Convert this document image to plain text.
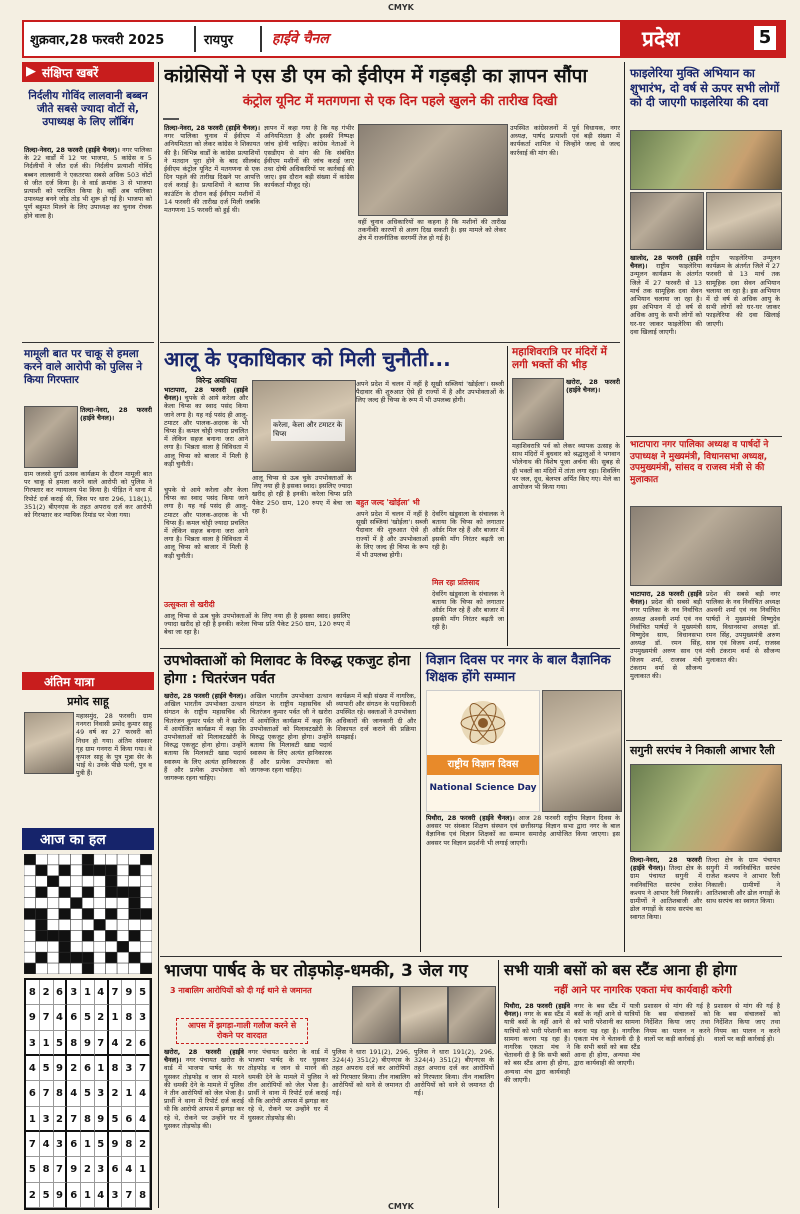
CMYK
शुक्रवार,28 फरवरी 2025	रायपुर	हाईवे चैनल	प्रदेश	5
▶ संक्षिप्त खबरें
निर्दलीय गोविंद लालवानी बब्बन जीते सबसे ज्यादा वोटों से, उपाध्यक्ष के लिए लॉबिंग
तिल्दा-नेवरा, 28 फरवरी (हाईवे चैनल)। नगर पालिका के 22 वार्डों में 12 पर भाजपा, 5 कांग्रेस व 5 निर्दलीयों ने जीत दर्ज की। निर्दलीय प्रत्याशी गोविंद बब्बन लालवानी ने एकतरफा सबसे अधिक 503 वोटों से जीत दर्ज किया है। वे वार्ड क्रमांक 3 से भाजपा प्रत्याशी को पराजित किया है। वहीं अब पालिका उपाध्यक्ष बनने जोड़ तोड़ भी शुरू हो गई है। भाजपा को पूर्ण बहुमत मिलने के लिए उपाध्यक्ष का चुनाव रोचक होने वाला है।
मामूली बात पर चाकू से हमला करने वाले आरोपी को पुलिस ने किया गिरफ्तार
तिल्दा-नेवरा, 28 फरवरी (हाईवे चैनल)।
ग्राम जलसो दुर्गा उत्सव कार्यक्रम के दौरान मामूली बात पर चाकू से हमला करने वाले आरोपी को पुलिस ने गिरफ्तार कर न्यायालय पेश किया है। पीड़ित ने थाना में रिपोर्ट दर्ज कराई थी, जिस पर धारा 296, 118(1), 351(2) बीएनएस के तहत अपराध दर्ज कर आरोपी को गिरफ्तार कर न्यायिक रिमांड पर भेजा गया।
अंतिम यात्रा
प्रमोद साहू
महासमुंद, 28 फरवरी। ग्राम गनगरा निवासी प्रमोद कुमार साहू 49 वर्ष का 27 फरवरी को निधन हो गया। अंतिम संस्कार गृह ग्राम गनगरा में किया गया। वे कृपाल साहू के पुत्र मुन्ना सेर के भाई थे। उनके पीछे पत्नी, पुत्र व पुत्री हैं।
आज का हल
8 2 6 3 1 4 7 9 5
9 7 4 6 5 2 1 8 3
3 1 5 8 9 7 4 2 6
4 5 9 2 6 1 8 3 7
6 7 8 4 5 3 2 1 4
1 3 2 7 8 9 5 6 4
7 4 3 6 1 5 9 8 2
5 8 7 9 2 3 6 4 1
2 5 9 6 1 4 3 7 8
कांग्रेसियों ने एस डी एम को ईवीएम में गड़बड़ी का ज्ञापन सौंपा
कंट्रोल यूनिट में मतगणना से एक दिन पहले खुलने की तारीख दिखी
तिल्दा-नेवरा, 28 फरवरी (हाईवे चैनल)। नगर पालिका चुनाव में ईवीएम में अनियमितता को लेकर कांग्रेस ने शिकायत की है। विभिन्न वार्डों के कांग्रेस प्रत्याशियों ने मतदान पूरा होने के बाद सीलबंद ईवीएम कंट्रोल यूनिट में मतगणना से एक दिन पहले की तारीख दिखने पर आपत्ति दर्ज कराई है। प्रत्याशियों ने बताया कि काउंटिंग के दौरान कई ईवीएम मशीनों में 14 फरवरी की तारीख दर्ज मिली जबकि मतगणना 15 फरवरी को हुई थी।
ज्ञापन में कहा गया है कि यह गंभीर अनियमितता है और इसकी निष्पक्ष जांच होनी चाहिए। कांग्रेस नेताओं ने एसडीएम से मांग की कि संबंधित ईवीएम मशीनों की जांच कराई जाए तथा दोषी अधिकारियों पर कार्रवाई की जाए। इस दौरान बड़ी संख्या में कांग्रेस कार्यकर्ता मौजूद रहे।
वहीं चुनाव अधिकारियों का कहना है कि मशीनों की तारीख तकनीकी कारणों से अलग दिख सकती है। इस मामले को लेकर क्षेत्र में राजनीतिक सरगर्मी तेज हो गई है।
उपस्थित कांग्रेसजनों में पूर्व विधायक, नगर अध्यक्ष, पार्षद प्रत्याशी एवं बड़ी संख्या में कार्यकर्ता शामिल थे जिन्होंने जल्द से जल्द कार्रवाई की मांग की।
आलू के एकाधिकार को मिली चुनौती...
विरेन्द्र अवधिया
भाटापारा, 28 फरवरी (हाईवे चैनल)। चुपके से आये करेला और केला चिप्स का स्वाद पसंद किया जाने लगा है। यह नई पसंद ही आलू-टमाटर और पालक-अदरक के भी चिप्स हैं। कमल चोट्टी ज्यादा प्रचलित में लेकिन सहज बनाना जरा आने लगा है। भिन्नता वाला है विविधता में आलू चिप्स को बाजार में मिली है कड़ी चुनौती।
करेला, केला और टमाटर के चिप्स
चुपके से आये करेला और केला चिप्स का स्वाद पसंद किया जाने लगा है। यह नई पसंद ही आलू-टमाटर और पालक-अदरक के भी चिप्स हैं। कमल चोट्टी ज्यादा प्रचलित में लेकिन सहज बनाना जरा आने लगा है। भिन्नता वाला है विविधता में आलू चिप्स को बाजार में मिली है कड़ी चुनौती।
उत्सुकता से खरीदी
आलू चिप्स से ऊब चुके उपभोक्ताओं के लिए नया ही है इसका स्वाद। इसलिए ज्यादा खरीद हो रही है इनकी। करेला चिप्स प्रति पैकेट 250 ग्राम, 120 रुपए में बेचा जा रहा है।
आलू चिप्स से ऊब चुके उपभोक्ताओं के लिए नया ही है इसका स्वाद। इसलिए ज्यादा खरीद हो रही है इनकी। करेला चिप्स प्रति पैकेट 250 ग्राम, 120 रुपए में बेचा जा रहा है।
अपने प्रदेश में चलन में नहीं है सूखी सब्जियां 'खोईला'। सब्जी पैदावार की शुरुआत ऐसे ही राज्यों में है और उपभोक्ताओं के लिए जल्द ही चिप्स के रूप में भी उपलब्ध होगी।
बहुत जल्द 'खोईला' भी
अपने प्रदेश में चलन में नहीं है सूखी सब्जियां 'खोईला'। सब्जी पैदावार की शुरुआत ऐसे ही राज्यों में है और उपभोक्ताओं के लिए जल्द ही चिप्स के रूप में भी उपलब्ध होगी।
देवरिंग खंडूवाला के संचालक ने बताया कि चिप्स को लगातार ऑर्डर मिल रहे हैं और बाजार में इसकी माँग निरंतर बढ़ती जा रही है।
मिल रहा प्रतिसाद
देवरिंग खंडूवाला के संचालक ने बताया कि चिप्स को लगातार ऑर्डर मिल रहे हैं और बाजार में इसकी माँग निरंतर बढ़ती जा रही है।
महाशिवरात्रि पर मंदिरों में लगी भक्तों की भीड़
खरोरा, 28 फरवरी (हाईवे चैनल)।
महाशिवरात्रि पर्व को लेकर व्यापक उत्साह के साथ मंदिरों में बुधवार को श्रद्धालुओं ने भगवान भोलेनाथ की विशेष पूजा अर्चना की। सुबह से ही भक्तों का मंदिरों में तांता लगा रहा। शिवलिंग पर जल, दूध, बेलपत्र अर्पित किए गए। मेले का आयोजन भी किया गया।
उपभोक्ताओं को मिलावट के विरुद्ध एकजुट होना होगा : चितरंजन पर्वत
खरोरा, 28 फरवरी (हाईवे चैनल)। अखिल भारतीय उपभोक्ता उत्थान संगठन के राष्ट्रीय महासचिव श्री चितरंजन कुमार पर्वत जी ने खरोरा में आयोजित कार्यक्रम में कहा कि उपभोक्ताओं को मिलावटखोरी के विरुद्ध एकजुट होना होगा। उन्होंने बताया कि मिलावटी खाद्य पदार्थ स्वास्थ्य के लिए अत्यंत हानिकारक हैं और प्रत्येक उपभोक्ता को जागरूक रहना चाहिए।
अखिल भारतीय उपभोक्ता उत्थान संगठन के राष्ट्रीय महासचिव श्री चितरंजन कुमार पर्वत जी ने खरोरा में आयोजित कार्यक्रम में कहा कि उपभोक्ताओं को मिलावटखोरी के विरुद्ध एकजुट होना होगा। उन्होंने बताया कि मिलावटी खाद्य पदार्थ स्वास्थ्य के लिए अत्यंत हानिकारक हैं और प्रत्येक उपभोक्ता को जागरूक रहना चाहिए।
कार्यक्रम में बड़ी संख्या में नागरिक, व्यापारी और संगठन के पदाधिकारी उपस्थित रहे। वक्ताओं ने उपभोक्ता अधिकारों की जानकारी दी और शिकायत दर्ज कराने की प्रक्रिया समझाई।
विज्ञान दिवस पर नगर के बाल वैज्ञानिक शिक्षक होंगे सम्मान
राष्ट्रीय विज्ञान दिवस
National Science Day
पिथौरा, 28 फरवरी (हाईवे चैनल)। आज 28 फरवरी राष्ट्रीय विज्ञान दिवस के अवसर पर संस्कार शिक्षण संस्थान एवं छत्तीसगढ़ विज्ञान सभा द्वारा नगर के बाल वैज्ञानिक एवं विज्ञान शिक्षकों का सम्मान समारोह आयोजित किया जाएगा। इस अवसर पर विज्ञान प्रदर्शनी भी लगाई जाएगी।
फाइलेरिया मुक्ति अभियान का शुभारंभ, दो वर्ष से ऊपर सभी लोगों को दी जाएगी फाइलेरिया की दवा
खालोद, 28 फरवरी (हाईवे चैनल)। राष्ट्रीय फाइलेरिया उन्मूलन कार्यक्रम के अंतर्गत जिले में 27 फरवरी से 13 मार्च तक सामूहिक दवा सेवन अभियान चलाया जा रहा है। इस अभियान में दो वर्ष से अधिक आयु के सभी लोगों को घर-घर जाकर फाइलेरिया की दवा खिलाई जाएगी।
राष्ट्रीय फाइलेरिया उन्मूलन कार्यक्रम के अंतर्गत जिले में 27 फरवरी से 13 मार्च तक सामूहिक दवा सेवन अभियान चलाया जा रहा है। इस अभियान में दो वर्ष से अधिक आयु के सभी लोगों को घर-घर जाकर फाइलेरिया की दवा खिलाई जाएगी।
भाटापारा नगर पालिका अध्यक्ष व पार्षदों ने उपाध्यक्ष ने मुख्यमंत्री, विधानसभा अध्यक्ष, उपमुख्यमंत्री, सांसद व राजस्व मंत्री से की मुलाकात
भाटापारा, 28 फरवरी (हाईवे चैनल)। प्रदेश की सबसे बड़ी नगर पालिका के नव निर्वाचित अध्यक्ष अश्वनी शर्मा एवं नव निर्वाचित पार्षदों ने मुख्यमंत्री विष्णुदेव साय, विधानसभा अध्यक्ष डॉ. रमन सिंह, उपमुख्यमंत्री अरुण साव एवं विजय शर्मा, राजस्व मंत्री टंकराम वर्मा से सौजन्य मुलाकात की।
प्रदेश की सबसे बड़ी नगर पालिका के नव निर्वाचित अध्यक्ष अश्वनी शर्मा एवं नव निर्वाचित पार्षदों ने मुख्यमंत्री विष्णुदेव साय, विधानसभा अध्यक्ष डॉ. रमन सिंह, उपमुख्यमंत्री अरुण साव एवं विजय शर्मा, राजस्व मंत्री टंकराम वर्मा से सौजन्य मुलाकात की।
सगुनी सरपंच ने निकाली आभार रैली
तिल्दा-नेवरा, 28 फरवरी (हाईवे चैनल)। तिल्दा क्षेत्र के ग्राम पंचायत सगुनी में नवनिर्वाचित सरपंच राजेश कश्यप ने आभार रैली निकाली। ग्रामीणों ने आतिशबाजी और ढोल नगाड़ों के साथ सरपंच का स्वागत किया।
तिल्दा क्षेत्र के ग्राम पंचायत सगुनी में नवनिर्वाचित सरपंच राजेश कश्यप ने आभार रैली निकाली। ग्रामीणों ने आतिशबाजी और ढोल नगाड़ों के साथ सरपंच का स्वागत किया।
भाजपा पार्षद के घर तोड़फोड़-धमकी, 3 जेल गए
3 नाबालिग आरोपियों को दी गई थाने से जमानत
आपस में झगड़ा-गाली गलौज करने से रोकने पर वारदात
खरोरा, 28 फरवरी (हाईवे चैनल)। नगर पंचायत खरोरा के वार्ड में भाजपा पार्षद के घर घुसकर तोड़फोड़ व जान से मारने की धमकी देने के मामले में पुलिस ने तीन आरोपियों को जेल भेजा है। प्रार्थी ने थाना में रिपोर्ट दर्ज कराई थी कि आरोपी आपस में झगड़ा कर रहे थे, रोकने पर उन्होंने घर में घुसकर तोड़फोड़ की।
नगर पंचायत खरोरा के वार्ड में भाजपा पार्षद के घर घुसकर तोड़फोड़ व जान से मारने की धमकी देने के मामले में पुलिस ने तीन आरोपियों को जेल भेजा है। प्रार्थी ने थाना में रिपोर्ट दर्ज कराई थी कि आरोपी आपस में झगड़ा कर रहे थे, रोकने पर उन्होंने घर में घुसकर तोड़फोड़ की।
पुलिस ने धारा 191(2), 296, 324(4) 351(2) बीएनएस के तहत अपराध दर्ज कर आरोपियों को गिरफ्तार किया। तीन नाबालिग आरोपियों को थाने से जमानत दी गई।
पुलिस ने धारा 191(2), 296, 324(4) 351(2) बीएनएस के तहत अपराध दर्ज कर आरोपियों को गिरफ्तार किया। तीन नाबालिग आरोपियों को थाने से जमानत दी गई।
सभी यात्री बसों को बस स्टैंड आना ही होगा
नहीं आने पर नागरिक एकता मंच कार्यवाही करेगी
पिथौरा, 28 फरवरी (हाईवे चैनल)। नगर के बस स्टैंड में यात्री बसों के नहीं आने से यात्रियों को भारी परेशानी का सामना करना पड़ रहा है। नागरिक एकता मंच ने चेतावनी दी है कि सभी बसों को बस स्टैंड आना ही होगा, अन्यथा मंच द्वारा कार्यवाही की जाएगी।
नगर के बस स्टैंड में यात्री बसों के नहीं आने से यात्रियों को भारी परेशानी का सामना करना पड़ रहा है। नागरिक एकता मंच ने चेतावनी दी है कि सभी बसों को बस स्टैंड आना ही होगा, अन्यथा मंच द्वारा कार्यवाही की जाएगी।
प्रशासन से मांग की गई है कि बस संचालकों को निर्देशित किया जाए तथा नियम का पालन न करने वालों पर कड़ी कार्रवाई हो।
प्रशासन से मांग की गई है कि बस संचालकों को निर्देशित किया जाए तथा नियम का पालन न करने वालों पर कड़ी कार्रवाई हो।
CMYK
